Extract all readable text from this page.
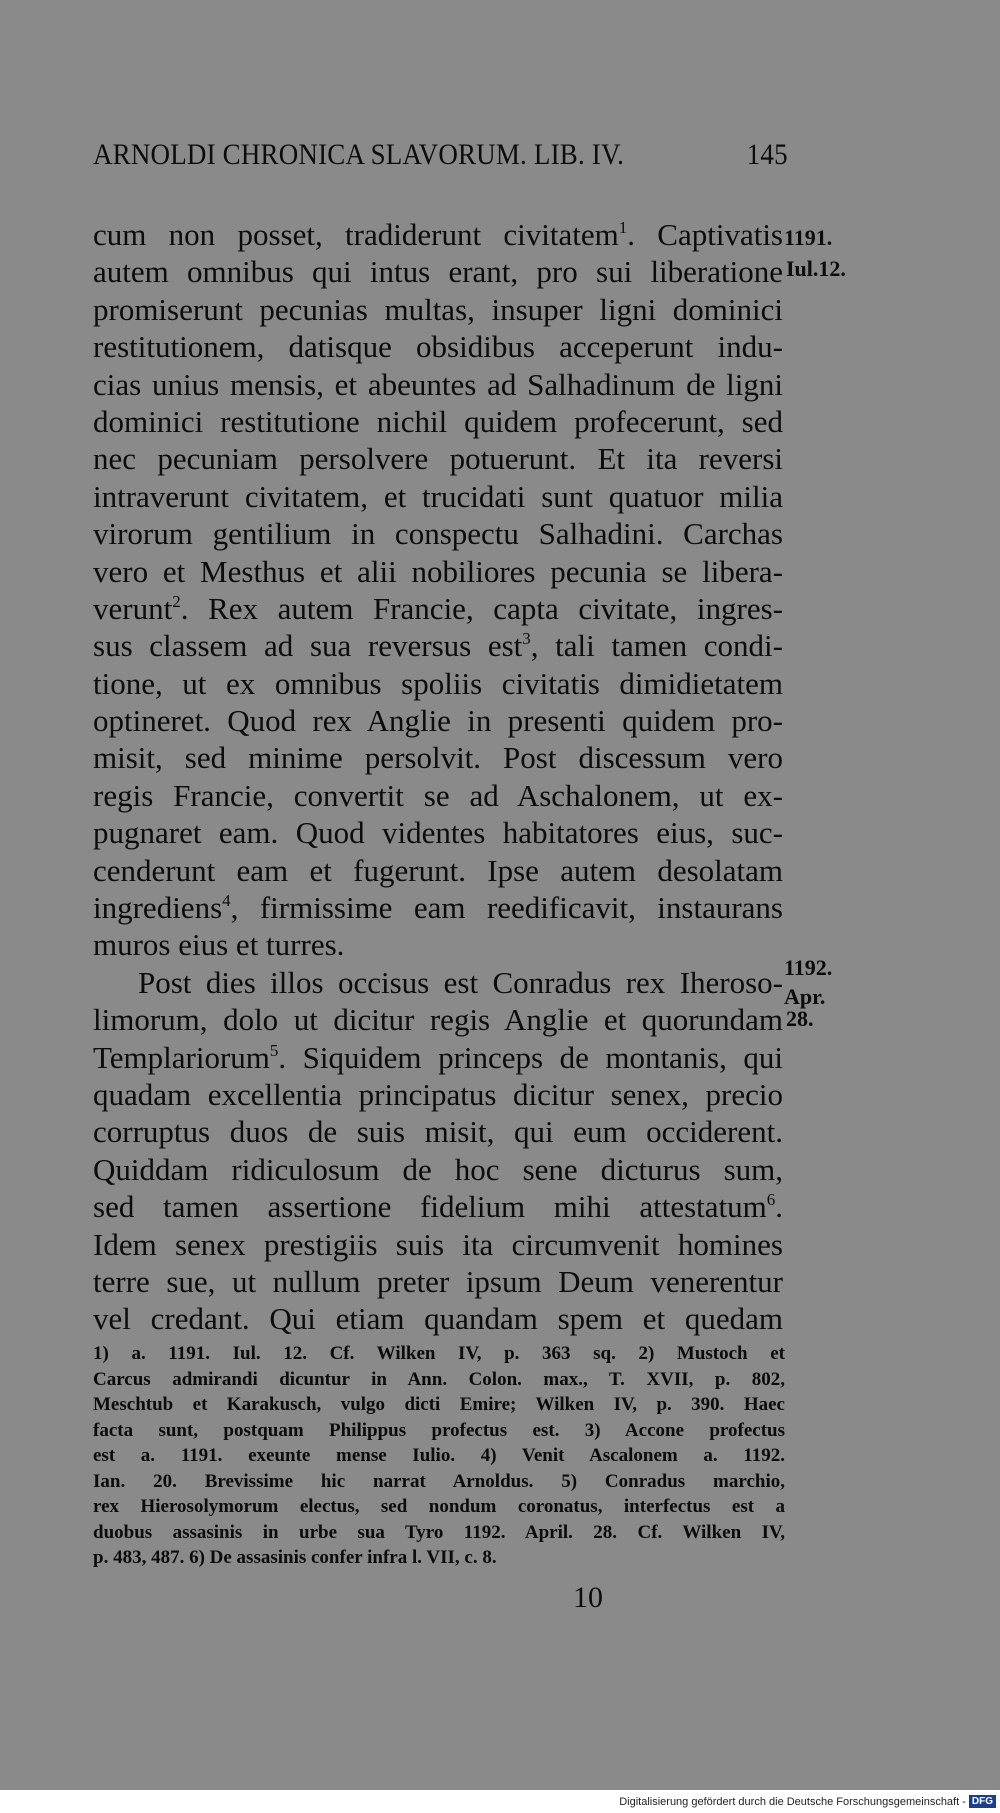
ARNOLDI CHRONICA SLAVORUM. LIB. IV.	145
cum non posset, tradiderunt civitatem$^1$. Captivatis
autem omnibus qui intus erant, pro sui liberatione
promiserunt pecunias multas, insuper ligni dominici
restitutionem, datisque obsidibus acceperunt indu-
cias unius mensis, et abeuntes ad Salhadinum de ligni
dominici restitutione nichil quidem profecerunt, sed
nec pecuniam persolvere potuerunt. Et ita reversi
intraverunt civitatem, et trucidati sunt quatuor milia
virorum gentilium in conspectu Salhadini. Carchas
vero et Mesthus et alii nobiliores pecunia se libera-
verunt$^2$. Rex autem Francie, capta civitate, ingres-
sus classem ad sua reversus est$^3$, tali tamen condi-
tione, ut ex omnibus spoliis civitatis dimidietatem
optineret. Quod rex Anglie in presenti quidem pro-
misit, sed minime persolvit. Post discessum vero
regis Francie, convertit se ad Aschalonem, ut ex-
pugnaret eam. Quod videntes habitatores eius, suc-
cenderunt eam et fugerunt. Ipse autem desolatam
ingrediens$^4$, firmissime eam reedificavit, instaurans
muros eius et turres.
Post dies illos occisus est Conradus rex Iheroso-
limorum, dolo ut dicitur regis Anglie et quorundam
Templariorum$^5$. Siquidem princeps de montanis, qui
quadam excellentia principatus dicitur senex, precio
corruptus duos de suis misit, qui eum occiderent.
Quiddam ridiculosum de hoc sene dicturus sum,
sed tamen assertione fidelium mihi attestatum$^6$.
Idem senex prestigiis suis ita circumvenit homines
terre sue, ut nullum preter ipsum Deum venerentur
vel credant. Qui etiam quandam spem et quedam
1191.
Iul.12.
1192.
Apr.
28.
1) a. 1191. Iul. 12. Cf. Wilken IV, p. 363 sq. 2) Mustoch et
Carcus admirandi dicuntur in Ann. Colon. max., T. XVII, p. 802,
Meschtub et Karakusch, vulgo dicti Emire; Wilken IV, p. 390. Haec
facta sunt, postquam Philippus profectus est. 3) Accone profectus
est a. 1191. exeunte mense Iulio. 4) Venit Ascalonem a. 1192.
Ian. 20. Brevissime hic narrat Arnoldus. 5) Conradus marchio,
rex Hierosolymorum electus, sed nondum coronatus, interfectus est a
duobus assasinis in urbe sua Tyro 1192. April. 28. Cf. Wilken IV,
p. 483, 487. 6) De assasinis confer infra l. VII, c. 8.
10
Digitalisierung gefördert durch die Deutsche Forschungsgemeinschaft - DFG
